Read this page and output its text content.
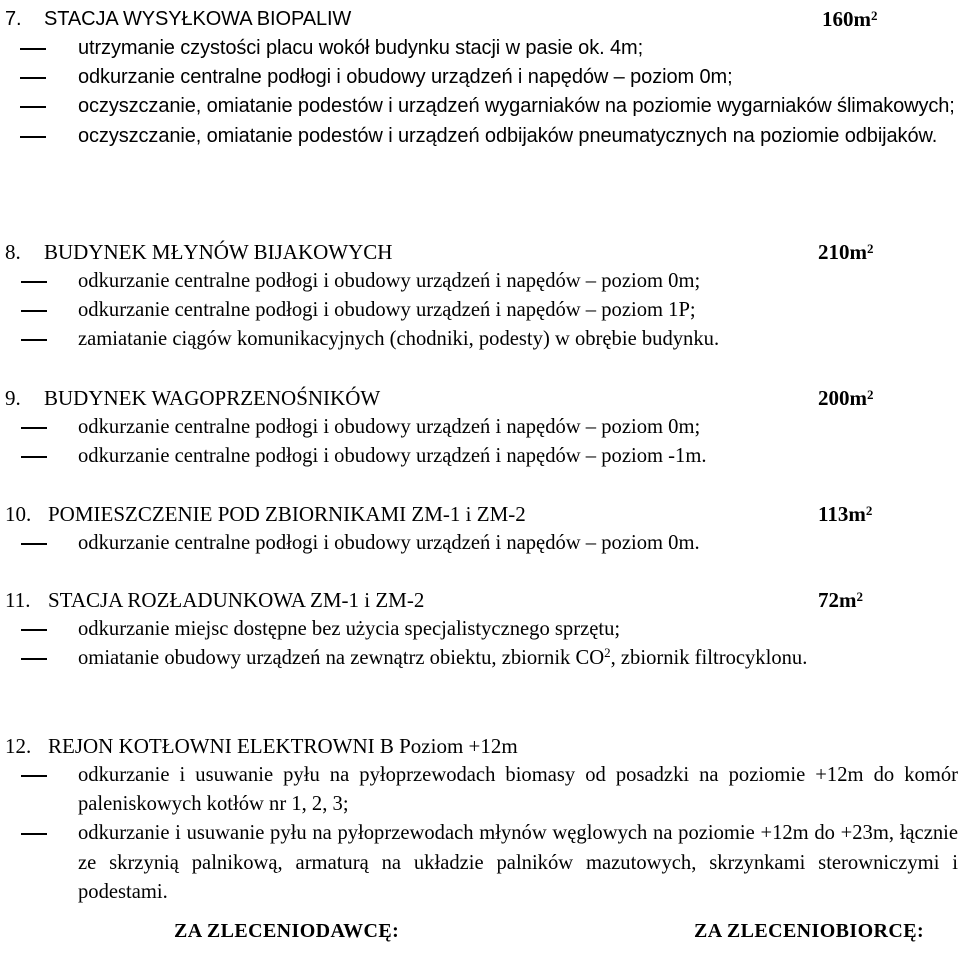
7. STACJA WYSYŁKOWA BIOPALIW	$160m^2$
utrzymanie czystości placu wokół budynku stacji w pasie ok. 4m;
odkurzanie centralne podłogi i obudowy urządzeń i napędów – poziom 0m;
oczyszczanie, omiatanie podestów i urządzeń wygarniaków na poziomie wygarniaków ślimakowych;
oczyszczanie, omiatanie podestów i urządzeń odbijaków pneumatycznych na poziomie odbijaków.
8. BUDYNEK MŁYNÓW BIJAKOWYCH	$210m^2$
odkurzanie centralne podłogi i obudowy urządzeń i napędów – poziom 0m;
odkurzanie centralne podłogi i obudowy urządzeń i napędów – poziom 1P;
zamiatanie ciągów komunikacyjnych (chodniki, podesty) w obrębie budynku.
9. BUDYNEK WAGOPRZENOŚNIKÓW	$200m^2$
odkurzanie centralne podłogi i obudowy urządzeń i napędów – poziom 0m;
odkurzanie centralne podłogi i obudowy urządzeń i napędów – poziom -1m.
10. POMIESZCZENIE POD ZBIORNIKAMI ZM-1 i ZM-2	$113m^2$
odkurzanie centralne podłogi i obudowy urządzeń i napędów – poziom 0m.
11. STACJA ROZŁADUNKOWA ZM-1 i ZM-2	$72m^2$
odkurzanie miejsc dostępne bez użycia specjalistycznego sprzętu;
omiatanie obudowy urządzeń na zewnątrz obiektu, zbiornik $CO^2$, zbiornik filtrocyklonu.
12. REJON KOTŁOWNI ELEKTROWNI B Poziom +12m
odkurzanie i usuwanie pyłu na pyłoprzewodach biomasy od posadzki na poziomie +12m do komór paleniskowych kotłów nr 1, 2, 3;
odkurzanie i usuwanie pyłu na pyłoprzewodach młynów węglowych na poziomie +12m do +23m, łącznie ze skrzynią palnikową, armaturą na układzie palników mazutowych, skrzynkami sterowniczymi i podestami.
ZA ZLECENIODAWCĘ:	ZA ZLECENIOBIORCĘ:
